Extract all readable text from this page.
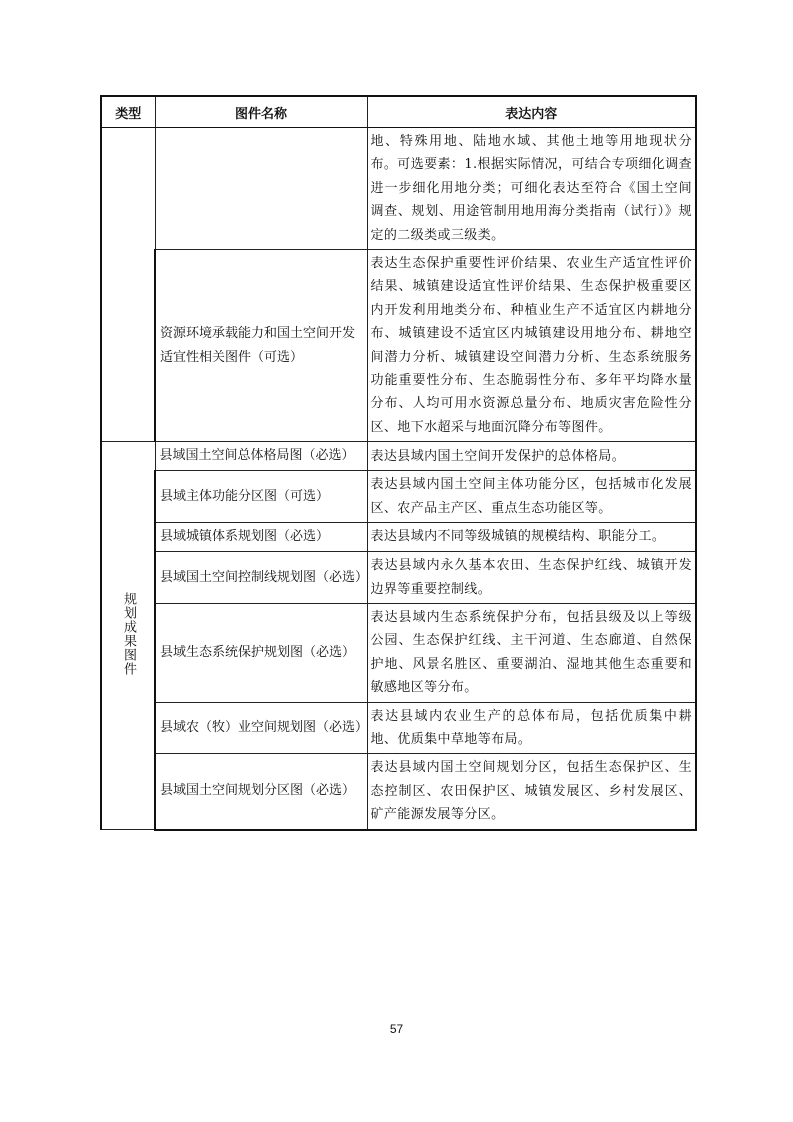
类型	图件名称	表达内容
		地、特殊用地、陆地水域、其他土地等用地现状分布。可选要素：1.根据实际情况，可结合专项细化调查进一步细化用地分类；可细化表达至符合《国土空间调查、规划、用途管制用地用海分类指南（试行）》规定的二级类或三级类。
	资源环境承载能力和国土空间开发适宜性相关图件（可选）	表达生态保护重要性评价结果、农业生产适宜性评价结果、城镇建设适宜性评价结果、生态保护极重要区内开发利用地类分布、种植业生产不适宜区内耕地分布、城镇建设不适宜区内城镇建设用地分布、耕地空间潜力分析、城镇建设空间潜力分析、生态系统服务功能重要性分布、生态脆弱性分布、多年平均降水量分布、人均可用水资源总量分布、地质灾害危险性分区、地下水超采与地面沉降分布等图件。
规划成果图件	县域国土空间总体格局图（必选）	表达县域内国土空间开发保护的总体格局。
	县域主体功能分区图（可选）	表达县域内国土空间主体功能分区，包括城市化发展区、农产品主产区、重点生态功能区等。
	县域城镇体系规划图（必选）	表达县域内不同等级城镇的规模结构、职能分工。
	县域国土空间控制线规划图（必选）	表达县域内永久基本农田、生态保护红线、城镇开发边界等重要控制线。
	县域生态系统保护规划图（必选）	表达县域内生态系统保护分布，包括县级及以上等级公园、生态保护红线、主干河道、生态廊道、自然保护地、风景名胜区、重要湖泊、湿地其他生态重要和敏感地区等分布。
	县域农（牧）业空间规划图（必选）	表达县域内农业生产的总体布局，包括优质集中耕地、优质集中草地等布局。
	县域国土空间规划分区图（必选）	表达县域内国土空间规划分区，包括生态保护区、生态控制区、农田保护区、城镇发展区、乡村发展区、矿产能源发展等分区。
57
